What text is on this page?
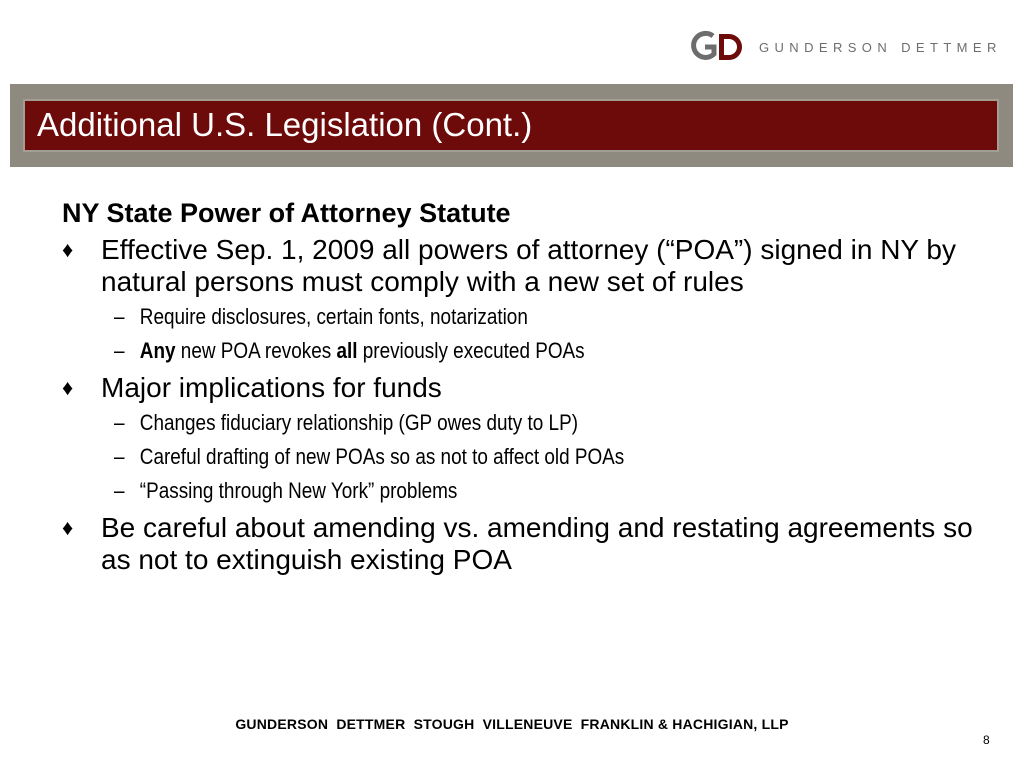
GUNDERSON DETTMER
Additional U.S. Legislation (Cont.)
NY State Power of Attorney Statute
♦ Effective Sep. 1, 2009 all powers of attorney (“POA”) signed in NY by natural persons must comply with a new set of rules
– Require disclosures, certain fonts, notarization
– Any new POA revokes all previously executed POAs
♦ Major implications for funds
– Changes fiduciary relationship (GP owes duty to LP)
– Careful drafting of new POAs so as not to affect old POAs
– “Passing through New York” problems
♦ Be careful about amending vs. amending and restating agreements so as not to extinguish existing POA
GUNDERSON  DETTMER  STOUGH  VILLENEUVE  FRANKLIN & HACHIGIAN, LLP
8
